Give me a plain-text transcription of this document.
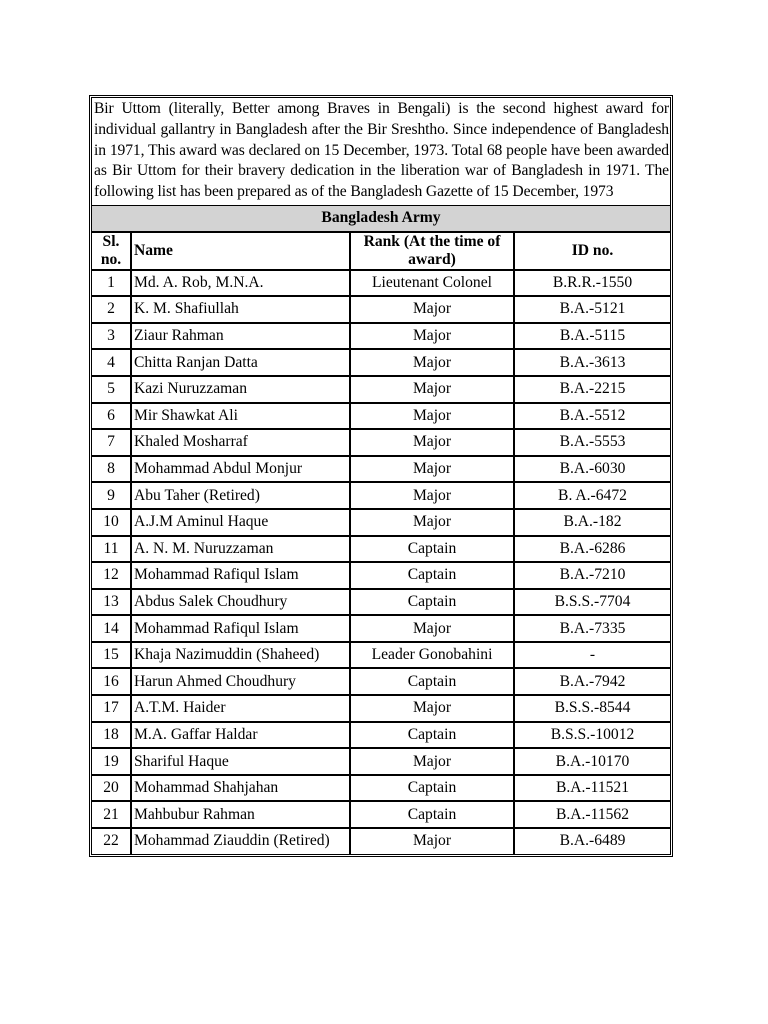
Bir Uttom (literally, Better among Braves in Bengali) is the second highest award for individual gallantry in Bangladesh after the Bir Sreshtho. Since independence of Bangladesh in 1971, This award was declared on 15 December, 1973. Total 68 people have been awarded as Bir Uttom for their bravery dedication in the liberation war of Bangladesh in 1971. The following list has been prepared as of the Bangladesh Gazette of 15 December, 1973
Bangladesh Army			
Sl. no.	Name	Rank (At the time of award)	ID no.
1	Md. A. Rob, M.N.A.	Lieutenant Colonel	B.R.R.-1550
2	K. M. Shafiullah	Major	B.A.-5121
3	Ziaur Rahman	Major	B.A.-5115
4	Chitta Ranjan Datta	Major	B.A.-3613
5	Kazi Nuruzzaman	Major	B.A.-2215
6	Mir Shawkat Ali	Major	B.A.-5512
7	Khaled Mosharraf	Major	B.A.-5553
8	Mohammad Abdul Monjur	Major	B.A.-6030
9	Abu Taher (Retired)	Major	B. A.-6472
10	A.J.M Aminul Haque	Major	B.A.-182
11	A. N. M. Nuruzzaman	Captain	B.A.-6286
12	Mohammad Rafiqul Islam	Captain	B.A.-7210
13	Abdus Salek Choudhury	Captain	B.S.S.-7704
14	Mohammad Rafiqul Islam	Major	B.A.-7335
15	Khaja Nazimuddin (Shaheed)	Leader Gonobahini	-
16	Harun Ahmed Choudhury	Captain	B.A.-7942
17	A.T.M. Haider	Major	B.S.S.-8544
18	M.A. Gaffar Haldar	Captain	B.S.S.-10012
19	Shariful Haque	Major	B.A.-10170
20	Mohammad Shahjahan	Captain	B.A.-11521
21	Mahbubur Rahman	Captain	B.A.-11562
22	Mohammad Ziauddin (Retired)	Major	B.A.-6489
